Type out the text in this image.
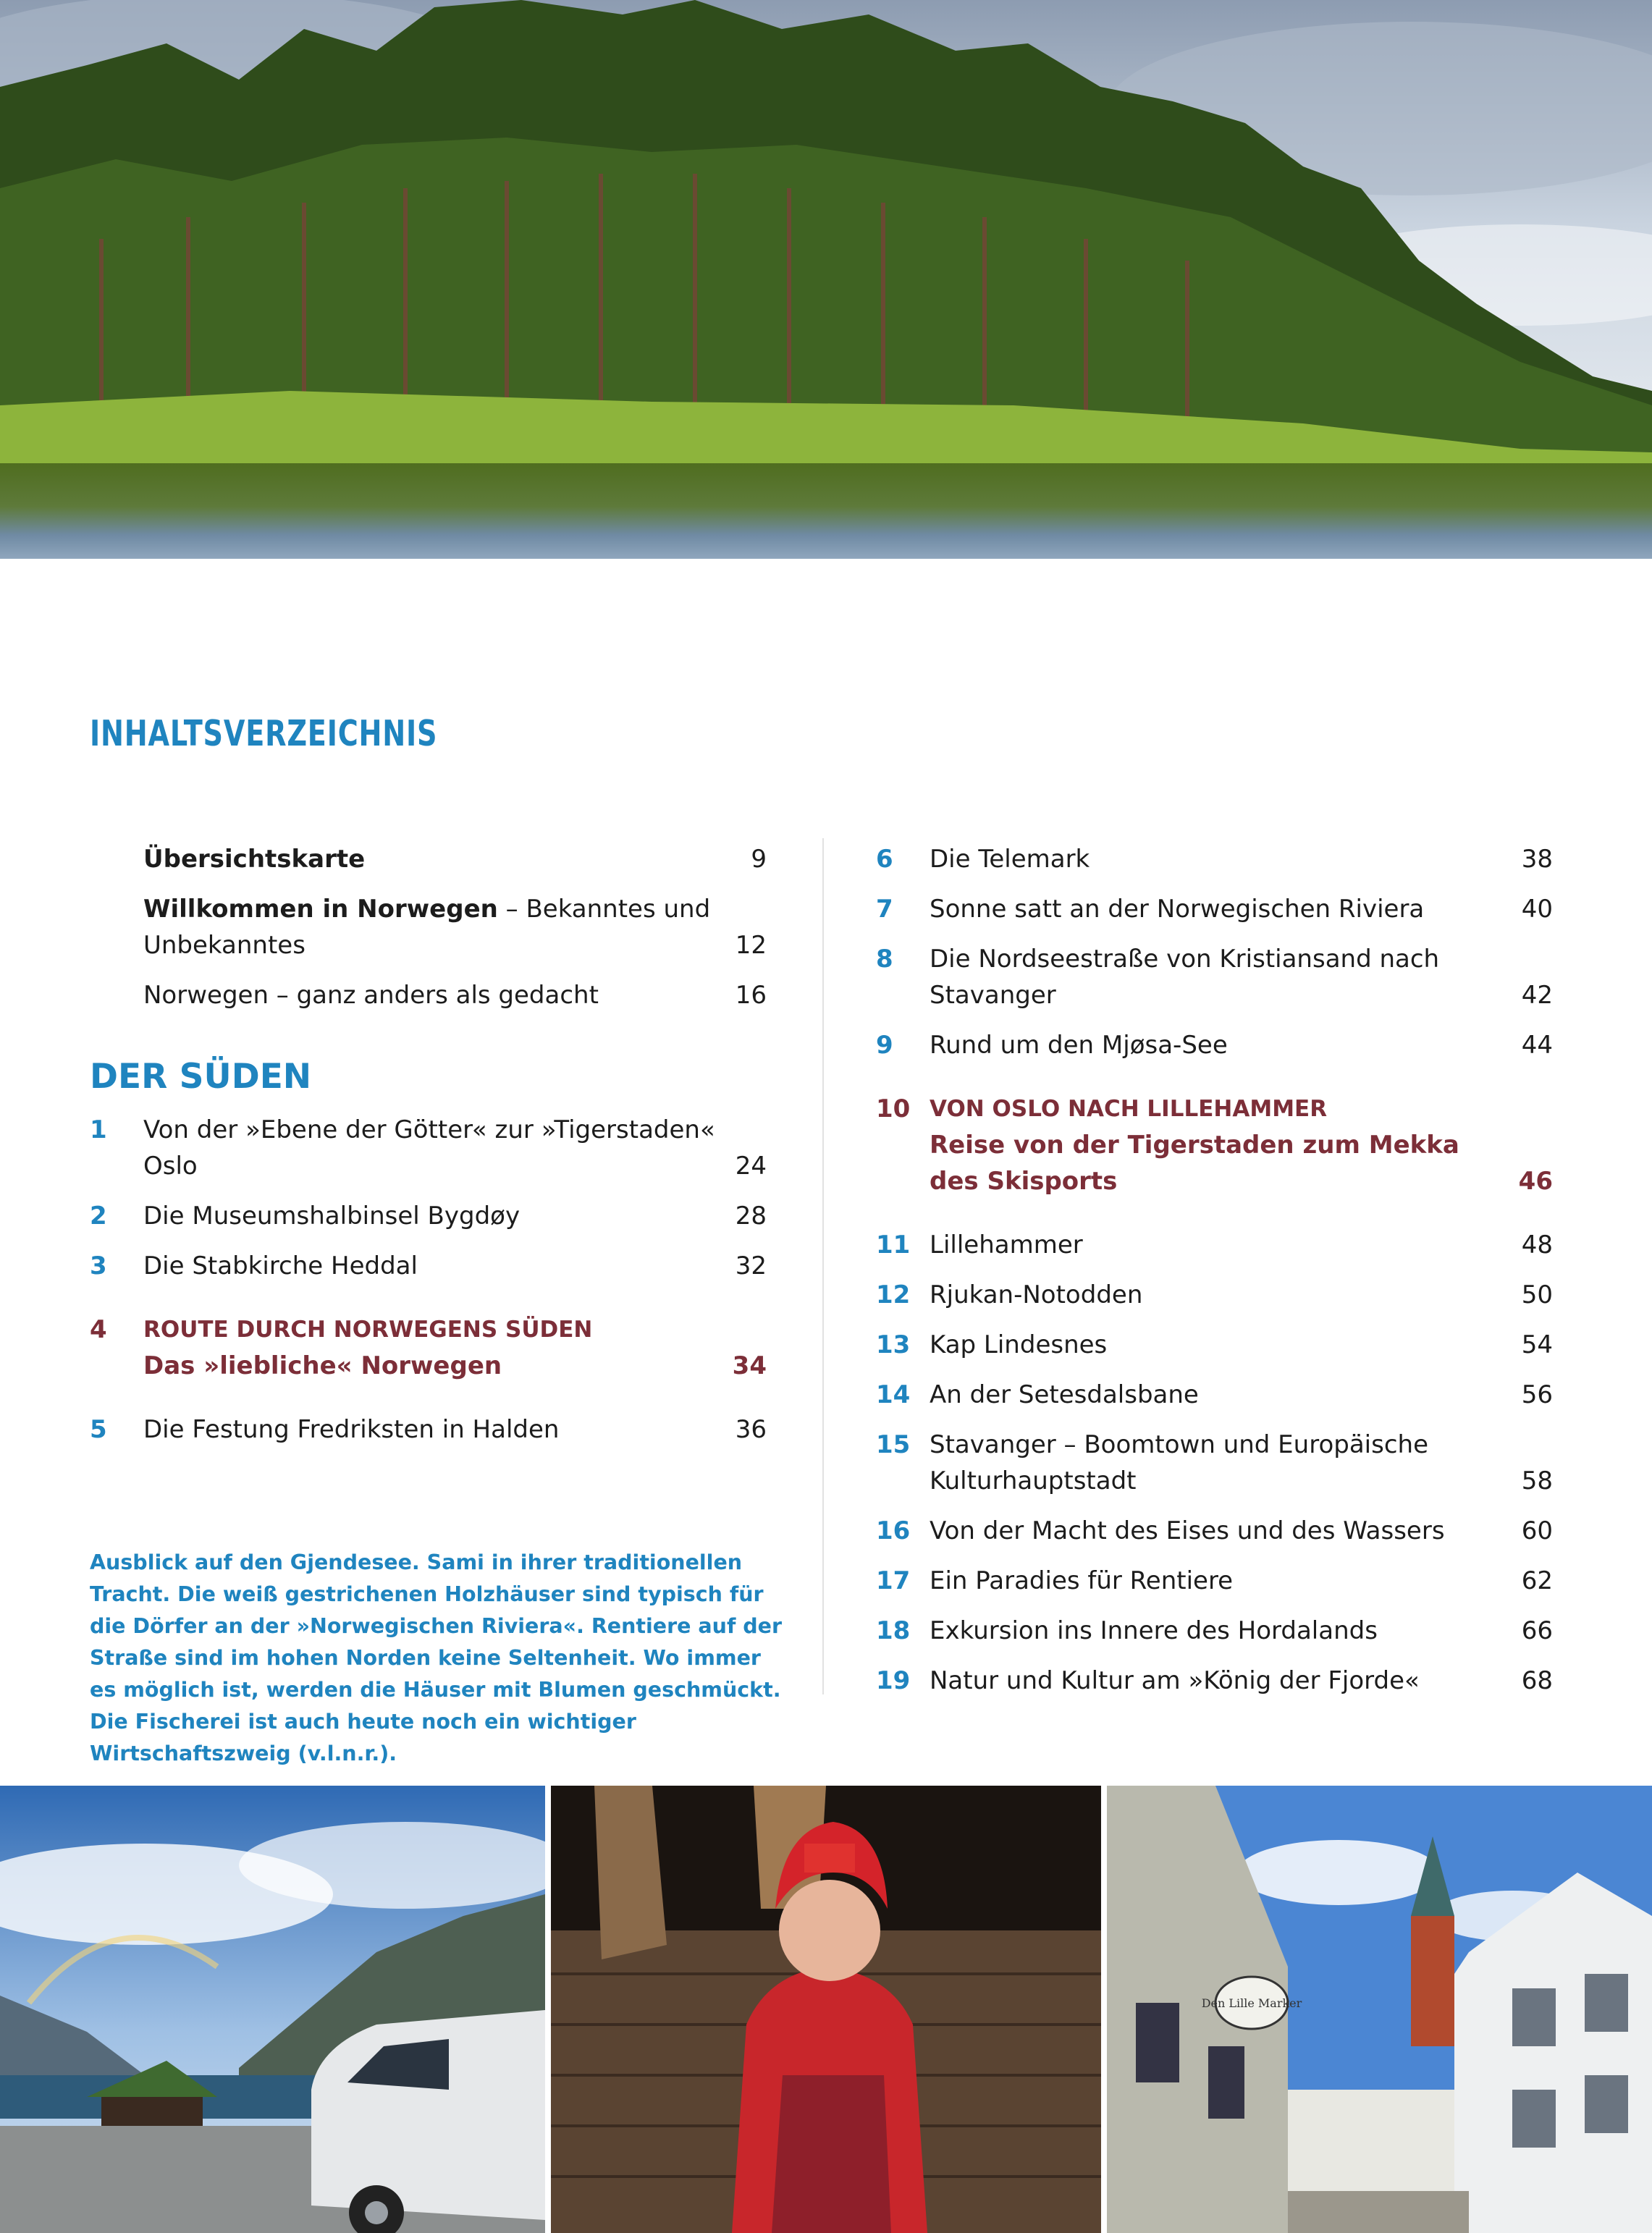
INHALTSVERZEICHNIS
Übersichtskarte	9
Willkommen in Norwegen – Bekanntes und Unbekanntes	12
Norwegen – ganz anders als gedacht	16
DER SÜDEN
1	Von der »Ebene der Götter« zur »Tigerstaden« Oslo	24
2	Die Museumshalbinsel Bygdøy	28
3	Die Stabkirche Heddal	32
4	ROUTE DURCH NORWEGENS SÜDEN
Das »liebliche« Norwegen	34
5	Die Festung Fredriksten in Halden	36
6	Die Telemark	38
7	Sonne satt an der Norwegischen Riviera	40
8	Die Nordseestraße von Kristiansand nach Stavanger	42
9	Rund um den Mjøsa-See	44
10 VON OSLO NACH LILLEHAMMER
Reise von der Tigerstaden zum Mekka des Skisports	46
11 Lillehammer	48
12 Rjukan-Notodden	50
13 Kap Lindesnes	54
14 An der Setesdalsbane	56
15 Stavanger – Boomtown und Europäische Kulturhauptstadt	58
16 Von der Macht des Eises und des Wassers	60
17 Ein Paradies für Rentiere	62
18 Exkursion ins Innere des Hordalands	66
19 Natur und Kultur am »König der Fjorde«	68

Ausblick auf den Gjendesee. Sami in ihrer traditionellen Tracht. Die weiß gestrichenen Holzhäuser sind typisch für die Dörfer an der »Norwegischen Riviera«. Rentiere auf der Straße sind im hohen Norden keine Seltenheit. Wo immer es möglich ist, werden die Häuser mit Blumen geschmückt. Die Fischerei ist auch heute noch ein wichtiger Wirtschaftszweig (v.l.n.r.).

Den Lille Marker
